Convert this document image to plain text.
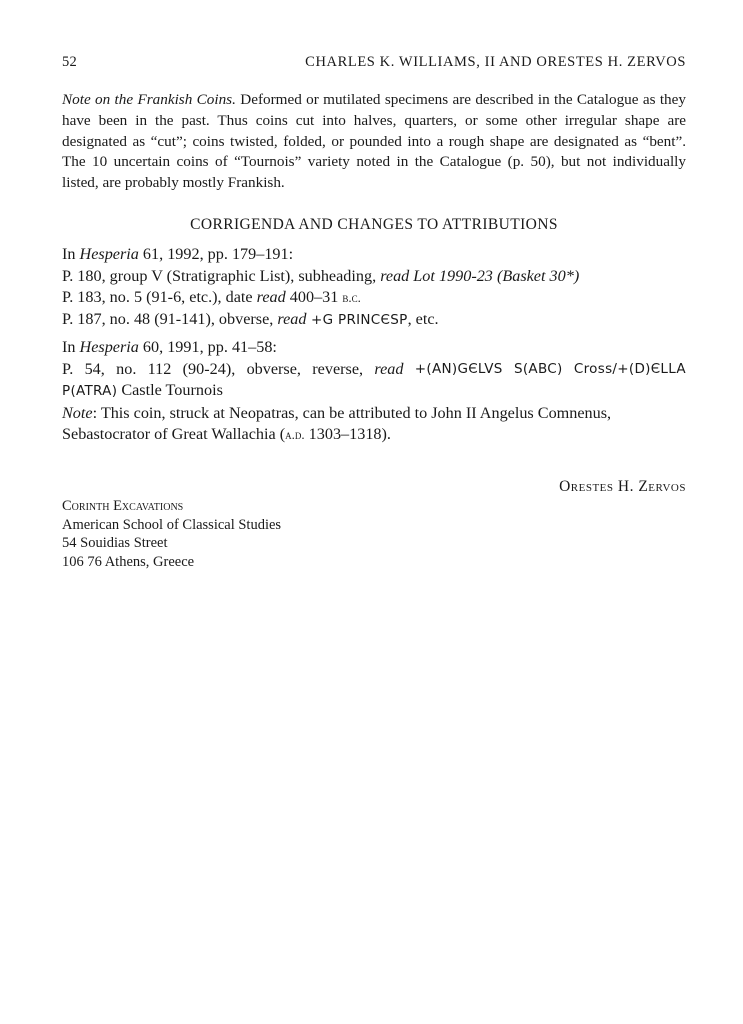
52	CHARLES K. WILLIAMS, II AND ORESTES H. ZERVOS

Note on the Frankish Coins. Deformed or mutilated specimens are described in the Catalogue as they have been in the past. Thus coins cut into halves, quarters, or some other irregular shape are designated as “cut”; coins twisted, folded, or pounded into a rough shape are designated as “bent”. The 10 uncertain coins of “Tournois” variety noted in the Catalogue (p. 50), but not individually listed, are probably mostly Frankish.

CORRIGENDA AND CHANGES TO ATTRIBUTIONS
In Hesperia 61, 1992, pp. 179–191:
P. 180, group V (Stratigraphic List), subheading, read Lot 1990-23 (Basket 30*)
P. 183, no. 5 (91-6, etc.), date read 400–31 b.c.
P. 187, no. 48 (91-141), obverse, read +G PRINCЄSP, etc.
In Hesperia 60, 1991, pp. 41–58:
P. 54, no. 112 (90-24), obverse, reverse, read +(AN)GЄLVS S(ABC) Cross/+(D)ЄLLA
P(ATRA) Castle Tournois
Note: This coin, struck at Neopatras, can be attributed to John II Angelus Comnenus,
Sebastocrator of Great Wallachia (a.d. 1303–1318).
Orestes H. Zervos
Corinth Excavations
American School of Classical Studies
54 Souidias Street
106 76 Athens, Greece
